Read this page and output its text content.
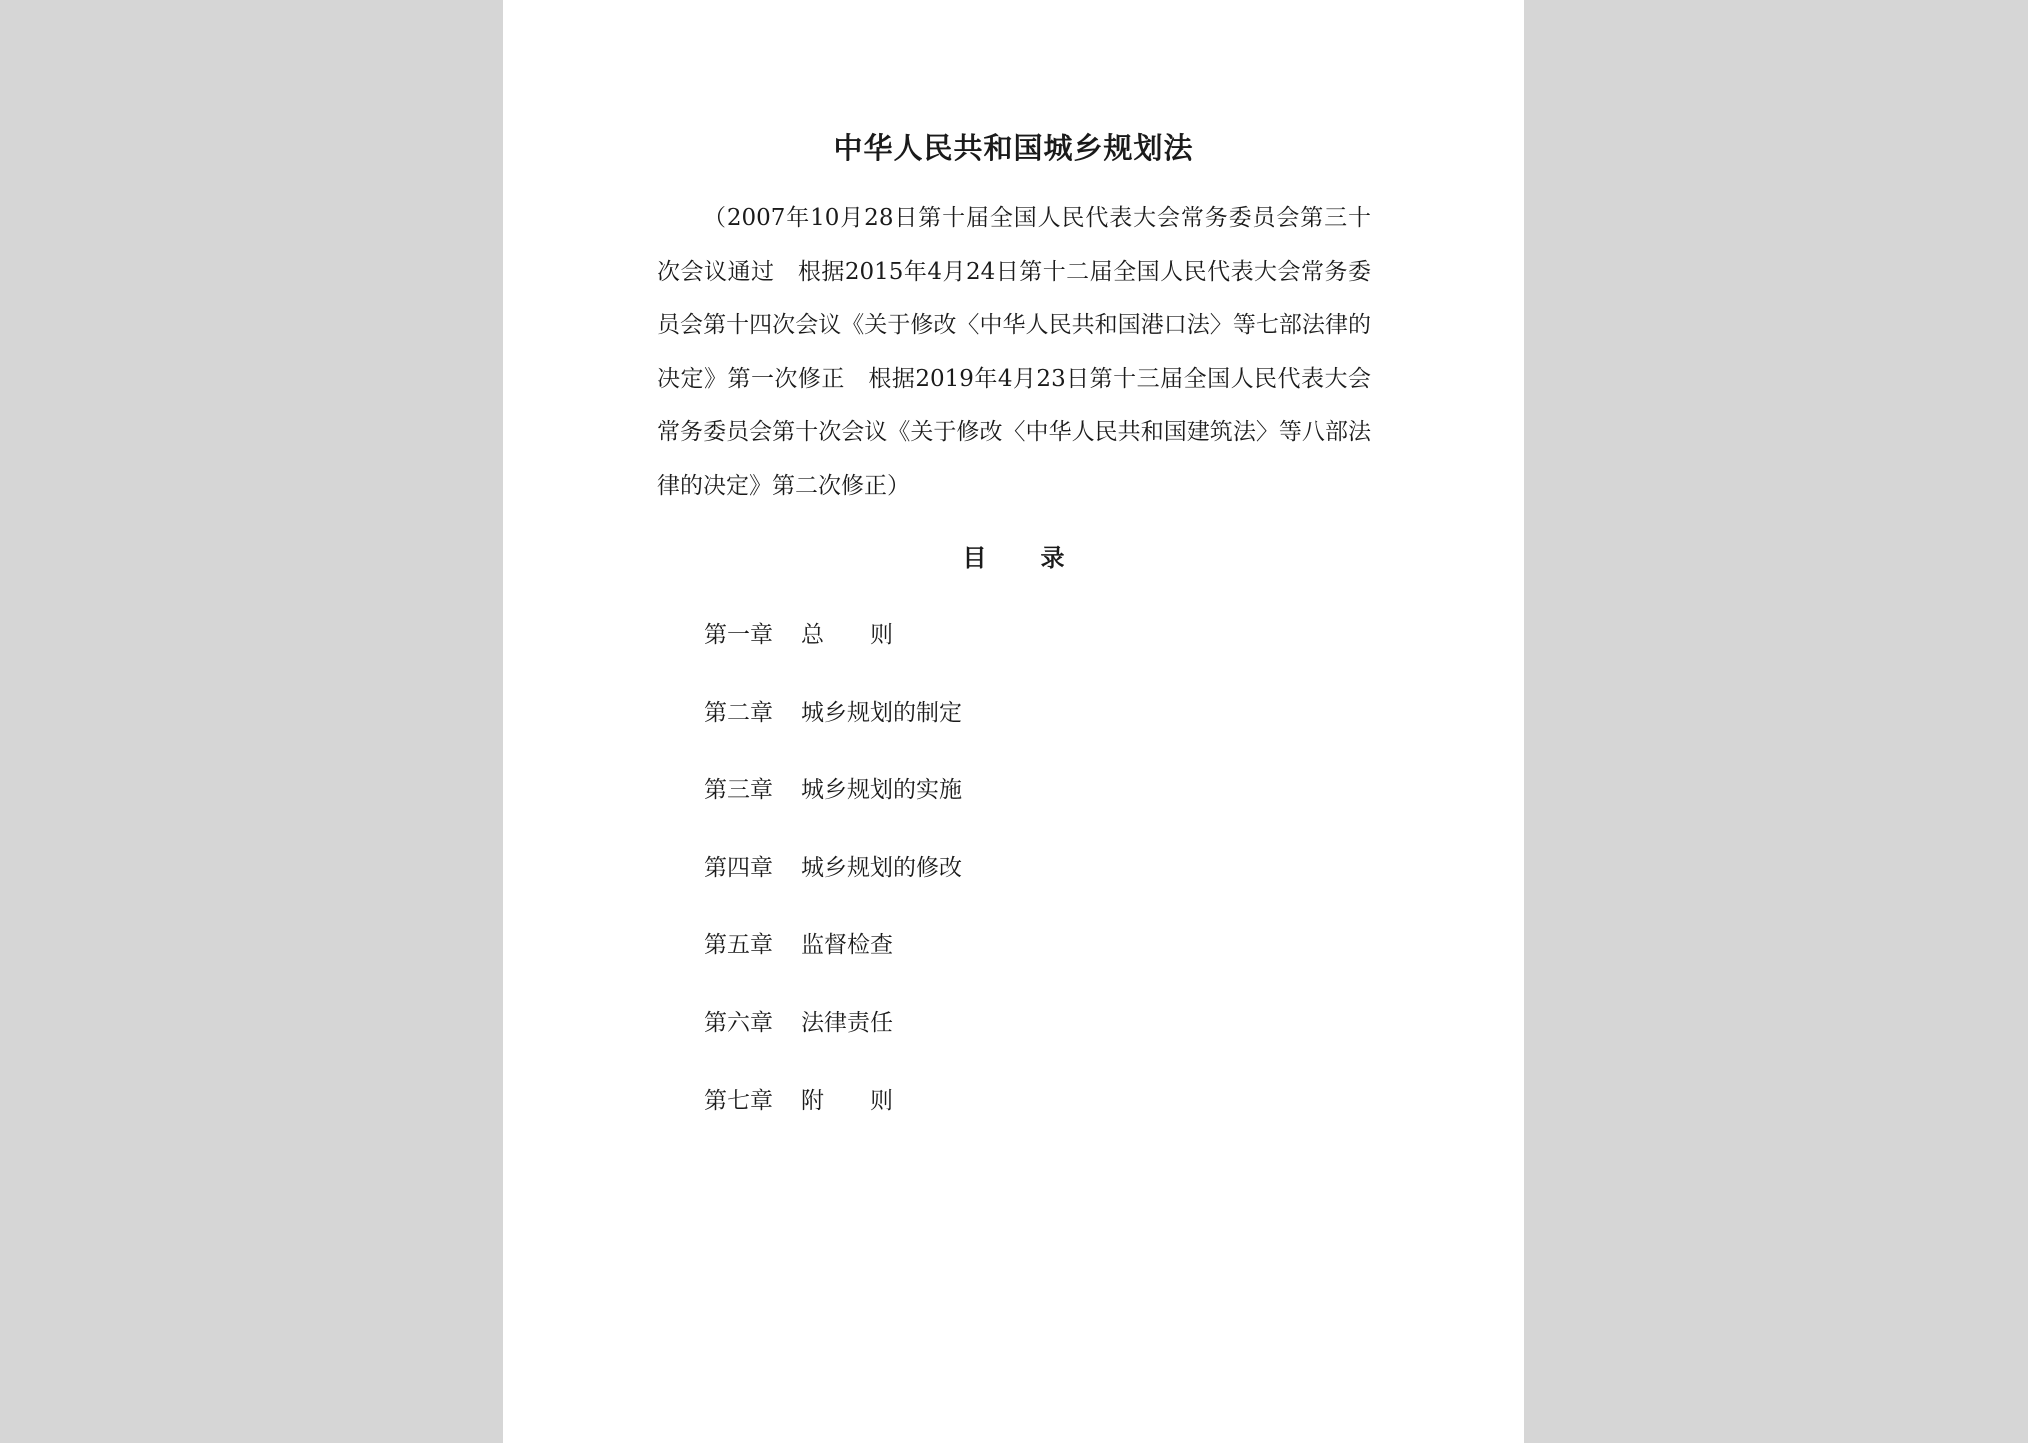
中华人民共和国城乡规划法

（2007年10月28日第十届全国人民代表大会常务委员会第三十次会议通过　根据2015年4月24日第十二届全国人民代表大会常务委员会第十四次会议《关于修改〈中华人民共和国港口法〉等七部法律的决定》第一次修正　根据2019年4月23日第十三届全国人民代表大会常务委员会第十次会议《关于修改〈中华人民共和国建筑法〉等八部法律的决定》第二次修正）

目 录
第一章 总　　则
第二章 城乡规划的制定
第三章 城乡规划的实施
第四章 城乡规划的修改
第五章 监督检查
第六章 法律责任
第七章 附　　则
